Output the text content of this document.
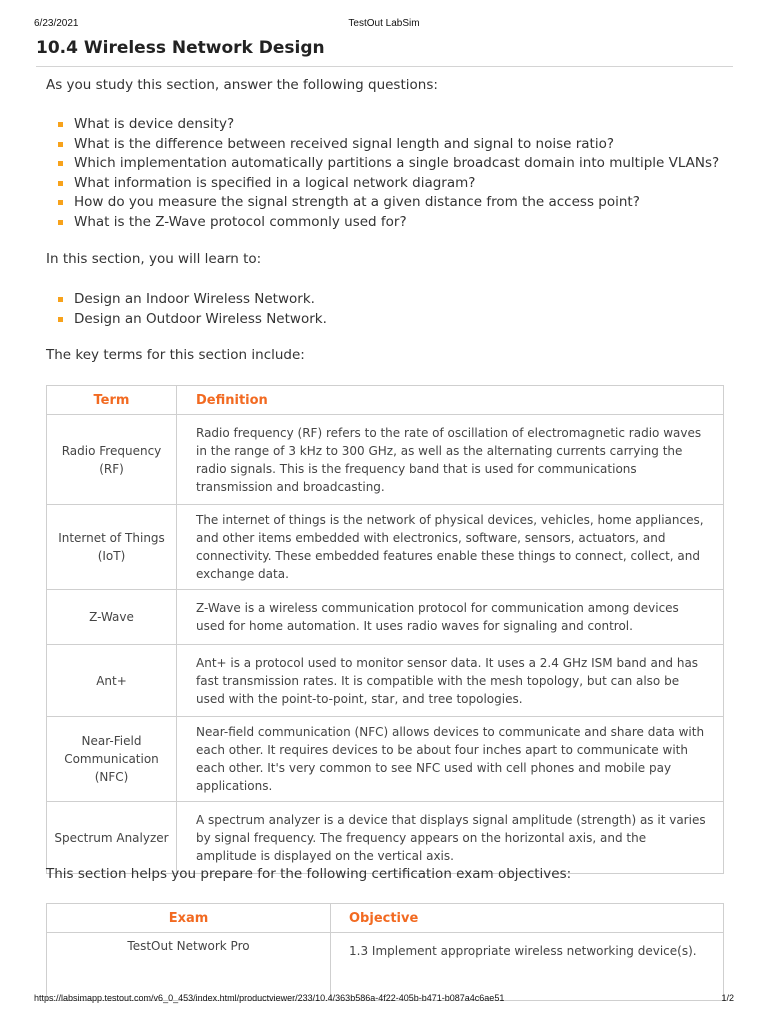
6/23/2021	TestOut LabSim
10.4 Wireless Network Design

As you study this section, answer the following questions:

What is device density?
What is the difference between received signal length and signal to noise ratio?
Which implementation automatically partitions a single broadcast domain into multiple VLANs?
What information is specified in a logical network diagram?
How do you measure the signal strength at a given distance from the access point?
What is the Z-Wave protocol commonly used for?

In this section, you will learn to:

Design an Indoor Wireless Network.
Design an Outdoor Wireless Network.

The key terms for this section include:

Term	Definition
Radio Frequency (RF)	Radio frequency (RF) refers to the rate of oscillation of electromagnetic radio waves in the range of 3 kHz to 300 GHz, as well as the alternating currents carrying the radio signals. This is the frequency band that is used for communications transmission and broadcasting.
Internet of Things (IoT)	The internet of things is the network of physical devices, vehicles, home appliances, and other items embedded with electronics, software, sensors, actuators, and connectivity. These embedded features enable these things to connect, collect, and exchange data.
Z-Wave	Z-Wave is a wireless communication protocol for communication among devices used for home automation. It uses radio waves for signaling and control.
Ant+	Ant+ is a protocol used to monitor sensor data. It uses a 2.4 GHz ISM band and has fast transmission rates. It is compatible with the mesh topology, but can also be used with the point-to-point, star, and tree topologies.
Near-Field Communication (NFC)	Near-field communication (NFC) allows devices to communicate and share data with each other. It requires devices to be about four inches apart to communicate with each other. It's very common to see NFC used with cell phones and mobile pay applications.
Spectrum Analyzer	A spectrum analyzer is a device that displays signal amplitude (strength) as it varies by signal frequency. The frequency appears on the horizontal axis, and the amplitude is displayed on the vertical axis.

This section helps you prepare for the following certification exam objectives:

Exam	Objective
TestOut Network Pro	1.3 Implement appropriate wireless networking device(s).
https://labsimapp.testout.com/v6_0_453/index.html/productviewer/233/10.4/363b586a-4f22-405b-b471-b087a4c6ae51	1/2
